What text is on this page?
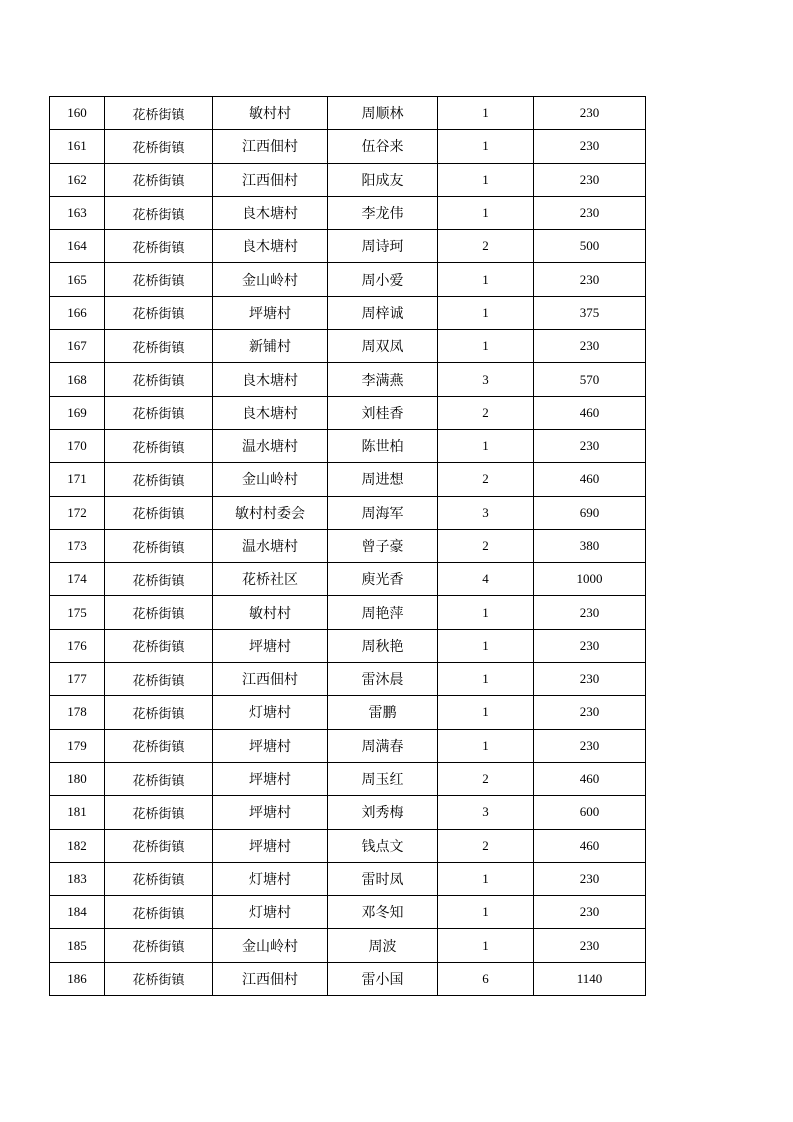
160	花桥街镇	敏村村	周顺林	1	230
161	花桥街镇	江西佃村	伍谷来	1	230
162	花桥街镇	江西佃村	阳成友	1	230
163	花桥街镇	良木塘村	李龙伟	1	230
164	花桥街镇	良木塘村	周诗珂	2	500
165	花桥街镇	金山岭村	周小爱	1	230
166	花桥街镇	坪塘村	周梓诚	1	375
167	花桥街镇	新铺村	周双凤	1	230
168	花桥街镇	良木塘村	李满燕	3	570
169	花桥街镇	良木塘村	刘桂香	2	460
170	花桥街镇	温水塘村	陈世柏	1	230
171	花桥街镇	金山岭村	周进想	2	460
172	花桥街镇	敏村村委会	周海军	3	690
173	花桥街镇	温水塘村	曾子豪	2	380
174	花桥街镇	花桥社区	庾光香	4	1000
175	花桥街镇	敏村村	周艳萍	1	230
176	花桥街镇	坪塘村	周秋艳	1	230
177	花桥街镇	江西佃村	雷沐晨	1	230
178	花桥街镇	灯塘村	雷鹏	1	230
179	花桥街镇	坪塘村	周满春	1	230
180	花桥街镇	坪塘村	周玉红	2	460
181	花桥街镇	坪塘村	刘秀梅	3	600
182	花桥街镇	坪塘村	钱点文	2	460
183	花桥街镇	灯塘村	雷时凤	1	230
184	花桥街镇	灯塘村	邓冬知	1	230
185	花桥街镇	金山岭村	周波	1	230
186	花桥街镇	江西佃村	雷小国	6	1140
